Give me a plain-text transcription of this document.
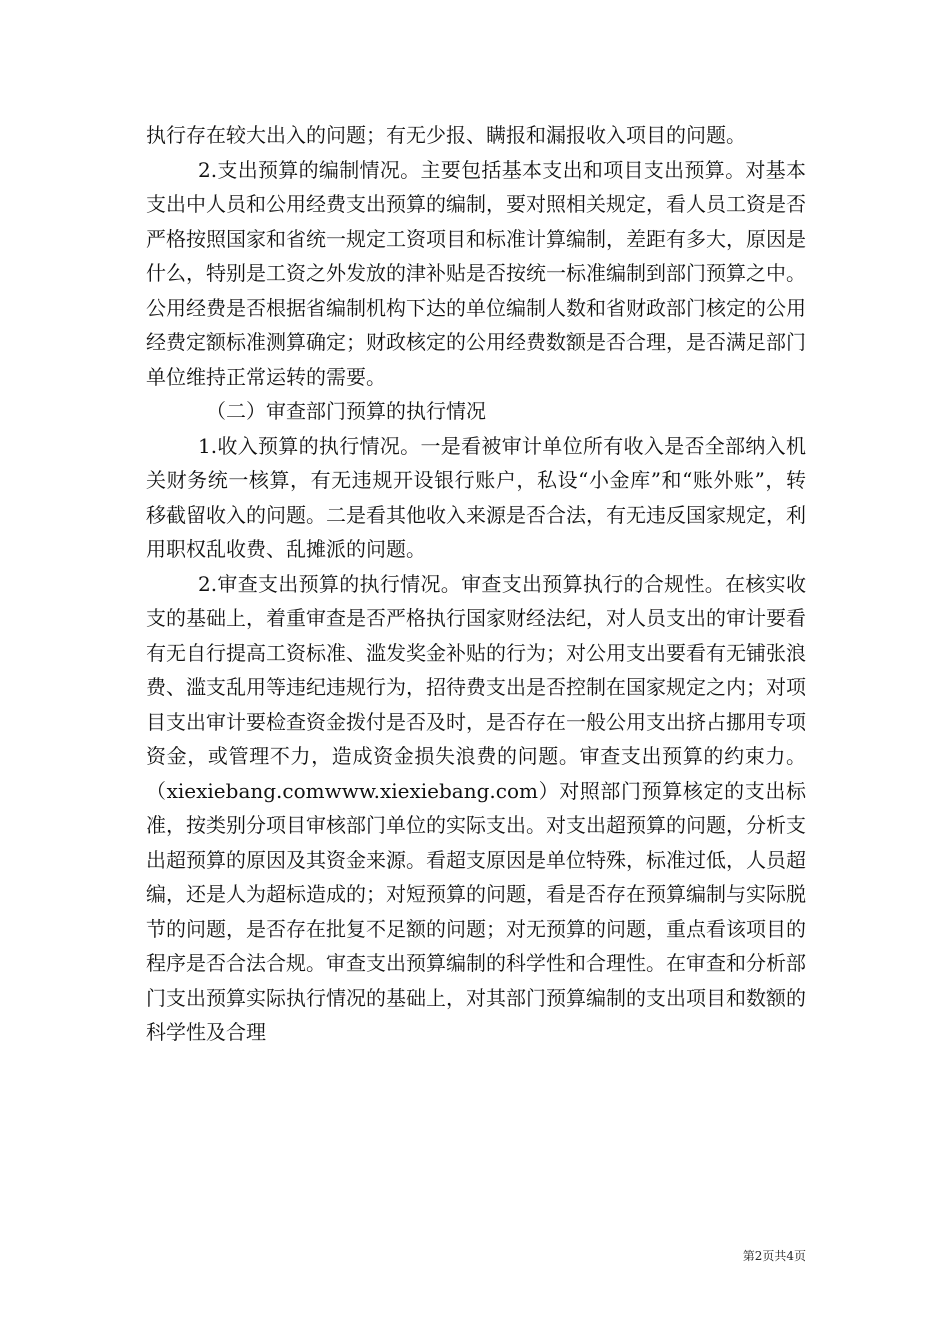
执行存在较大出入的问题；有无少报、瞒报和漏报收入项目的问题。

2.支出预算的编制情况。主要包括基本支出和项目支出预算。对基本支出中人员和公用经费支出预算的编制，要对照相关规定，看人员工资是否严格按照国家和省统一规定工资项目和标准计算编制，差距有多大，原因是什么，特别是工资之外发放的津补贴是否按统一标准编制到部门预算之中。公用经费是否根据省编制机构下达的单位编制人数和省财政部门核定的公用经费定额标准测算确定；财政核定的公用经费数额是否合理，是否满足部门单位维持正常运转的需要。

（二）审查部门预算的执行情况

1.收入预算的执行情况。一是看被审计单位所有收入是否全部纳入机关财务统一核算，有无违规开设银行账户，私设“小金库”和“账外账”，转移截留收入的问题。二是看其他收入来源是否合法，有无违反国家规定，利用职权乱收费、乱摊派的问题。

2.审查支出预算的执行情况。审查支出预算执行的合规性。在核实收支的基础上，着重审查是否严格执行国家财经法纪，对人员支出的审计要看有无自行提高工资标准、滥发奖金补贴的行为；对公用支出要看有无铺张浪费、滥支乱用等违纪违规行为，招待费支出是否控制在国家规定之内；对项目支出审计要检查资金拨付是否及时，是否存在一般公用支出挤占挪用专项资金，或管理不力，造成资金损失浪费的问题。审查支出预算的约束力。（xiexiebang.comwww.xiexiebang.com）对照部门预算核定的支出标准，按类别分项目审核部门单位的实际支出。对支出超预算的问题，分析支出超预算的原因及其资金来源。看超支原因是单位特殊，标准过低，人员超编，还是人为超标造成的；对短预算的问题，看是否存在预算编制与实际脱节的问题，是否存在批复不足额的问题；对无预算的问题，重点看该项目的程序是否合法合规。审查支出预算编制的科学性和合理性。在审查和分析部门支出预算实际执行情况的基础上，对其部门预算编制的支出项目和数额的科学性及合理

第2页共4页
